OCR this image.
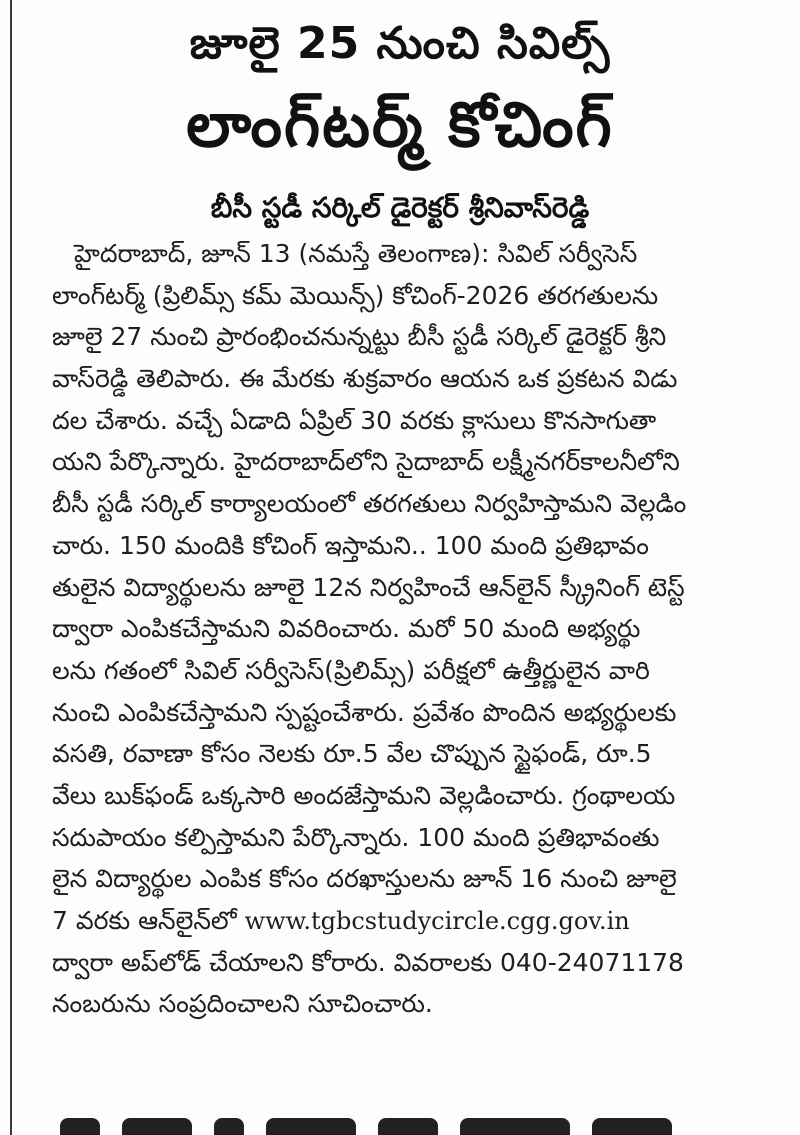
జూలై 25 నుంచి సివిల్స్
లాంగ్‌టర్మ్ కోచింగ్
బీసీ స్టడీ సర్కిల్ డైరెక్టర్ శ్రీనివాస్‌రెడ్డి
హైదరాబాద్, జూన్ 13 (నమస్తే తెలంగాణ): సివిల్ సర్వీసెస్
లాంగ్‌టర్మ్ (ప్రిలిమ్స్ కమ్ మెయిన్స్) కోచింగ్-2026 తరగతులను
జూలై 27 నుంచి ప్రారంభించనున్నట్టు బీసీ స్టడీ సర్కిల్ డైరెక్టర్ శ్రీని
వాస్‌రెడ్డి తెలిపారు. ఈ మేరకు శుక్రవారం ఆయన ఒక ప్రకటన విడు
దల చేశారు. వచ్చే ఏడాది ఏప్రిల్ 30 వరకు క్లాసులు కొనసాగుతా
యని పేర్కొన్నారు. హైదరాబాద్‌లోని సైదాబాద్ లక్ష్మీనగర్‌కాలనీలోని
బీసీ స్టడీ సర్కిల్ కార్యాలయంలో తరగతులు నిర్వహిస్తామని వెల్లడిం
చారు. 150 మందికి కోచింగ్ ఇస్తామని.. 100 మంది ప్రతిభావం
తులైన విద్యార్థులను జూలై 12న నిర్వహించే ఆన్‌లైన్ స్క్రీనింగ్ టెస్ట్
ద్వారా ఎంపికచేస్తామని వివరించారు. మరో 50 మంది అభ్యర్థు
లను గతంలో సివిల్ సర్వీసెస్(ప్రిలిమ్స్) పరీక్షలో ఉత్తీర్ణులైన వారి
నుంచి ఎంపికచేస్తామని స్పష్టంచేశారు. ప్రవేశం పొందిన అభ్యర్థులకు
వసతి, రవాణా కోసం నెలకు రూ.5 వేల చొప్పున స్టైఫండ్, రూ.5
వేలు బుక్‌ఫండ్ ఒక్కసారి అందజేస్తామని వెల్లడించారు. గ్రంథాలయ
సదుపాయం కల్పిస్తామని పేర్కొన్నారు. 100 మంది ప్రతిభావంతు
లైన విద్యార్థుల ఎంపిక కోసం దరఖాస్తులను జూన్ 16 నుంచి జూలై
7 వరకు ఆన్‌లైన్‌లో www.tgbcstudycircle.cgg.gov.in
ద్వారా అప్‌లోడ్ చేయాలని కోరారు. వివరాలకు 040-24071178
నంబరును సంప్రదించాలని సూచించారు.
